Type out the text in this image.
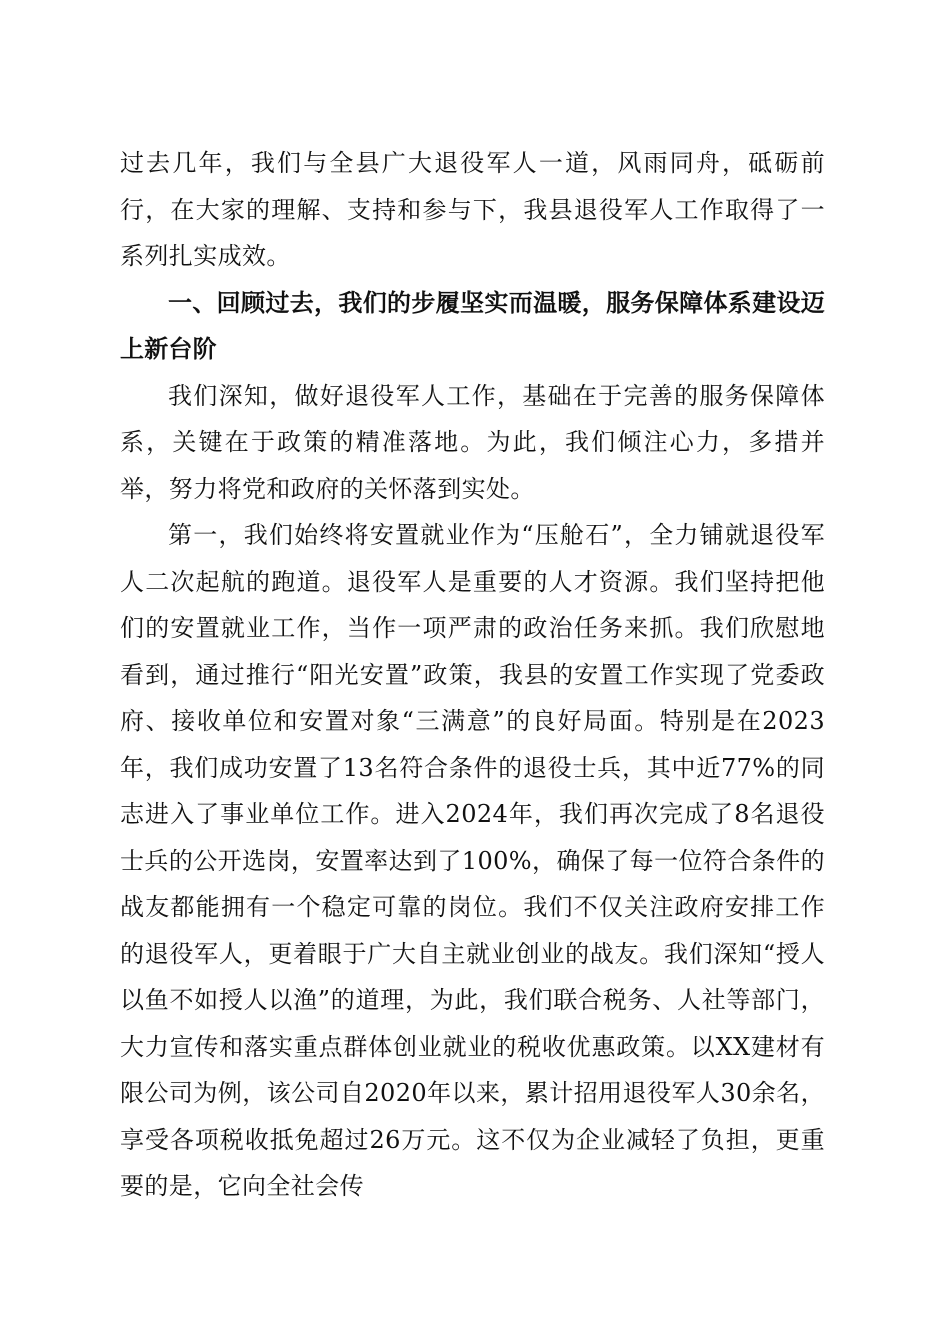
过去几年，我们与全县广大退役军人一道，风雨同舟，砥砺前行，在大家的理解、支持和参与下，我县退役军人工作取得了一系列扎实成效。

一、回顾过去，我们的步履坚实而温暖，服务保障体系建设迈上新台阶

我们深知，做好退役军人工作，基础在于完善的服务保障体系，关键在于政策的精准落地。为此，我们倾注心力，多措并举，努力将党和政府的关怀落到实处。

第一，我们始终将安置就业作为“压舱石”，全力铺就退役军人二次起航的跑道。退役军人是重要的人才资源。我们坚持把他们的安置就业工作，当作一项严肃的政治任务来抓。我们欣慰地看到，通过推行“阳光安置”政策，我县的安置工作实现了党委政府、接收单位和安置对象“三满意”的良好局面。特别是在2023年，我们成功安置了13名符合条件的退役士兵，其中近77%的同志进入了事业单位工作。进入2024年，我们再次完成了8名退役士兵的公开选岗，安置率达到了100%，确保了每一位符合条件的战友都能拥有一个稳定可靠的岗位。我们不仅关注政府安排工作的退役军人，更着眼于广大自主就业创业的战友。我们深知“授人以鱼不如授人以渔”的道理，为此，我们联合税务、人社等部门，大力宣传和落实重点群体创业就业的税收优惠政策。以XX建材有限公司为例，该公司自2020年以来，累计招用退役军人30余名，享受各项税收抵免超过26万元。这不仅为企业减轻了负担，更重要的是，它向全社会传
